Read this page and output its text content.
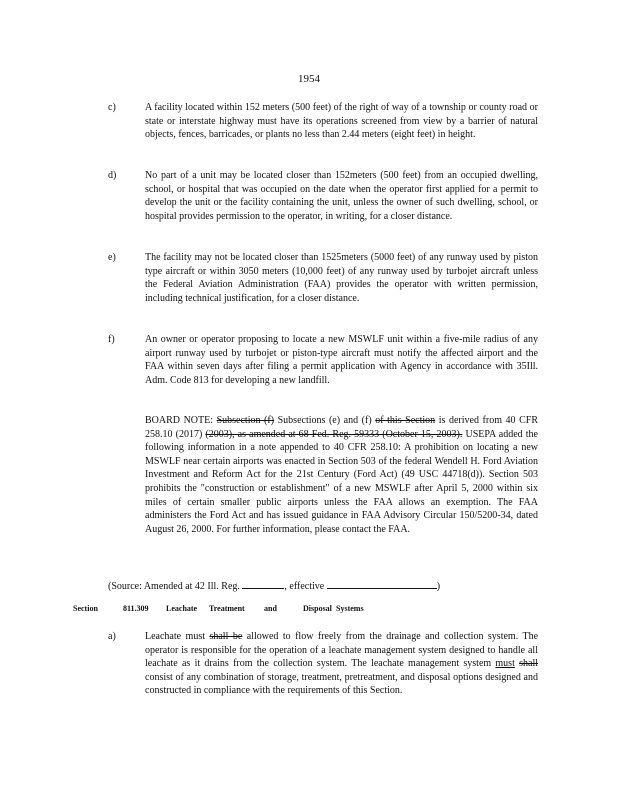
1954
c)	A facility located within 152 meters (500 feet) of the right of way of a township or county road or state or interstate highway must have its operations screened from view by a barrier of natural objects, fences, barricades, or plants no less than 2.44 meters (eight feet) in height.
d)	No part of a unit may be located closer than 152meters (500 feet) from an occupied dwelling, school, or hospital that was occupied on the date when the operator first applied for a permit to develop the unit or the facility containing the unit, unless the owner of such dwelling, school, or hospital provides permission to the operator, in writing, for a closer distance.
e)	The facility may not be located closer than 1525meters (5000 feet) of any runway used by piston type aircraft or within 3050 meters (10,000 feet) of any runway used by turbojet aircraft unless the Federal Aviation Administration (FAA) provides the operator with written permission, including technical justification, for a closer distance.
f)	An owner or operator proposing to locate a new MSWLF unit within a five-mile radius of any airport runway used by turbojet or piston-type aircraft must notify the affected airport and the FAA within seven days after filing a permit application with Agency in accordance with 35Ill. Adm. Code 813 for developing a new landfill.
BOARD NOTE: Subsection (f) Subsections (e) and (f) of this Section is derived from 40 CFR 258.10 (2017) (2003), as amended at 68 Fed. Reg. 59333 (October 15, 2003). USEPA added the following information in a note appended to 40 CFR 258.10: A prohibition on locating a new MSWLF near certain airports was enacted in Section 503 of the federal Wendell H. Ford Aviation Investment and Reform Act for the 21st Century (Ford Act) (49 USC 44718(d)). Section 503 prohibits the "construction or establishment" of a new MSWLF after April 5, 2000 within six miles of certain smaller public airports unless the FAA allows an exemption. The FAA administers the Ford Act and has issued guidance in FAA Advisory Circular 150/5200-34, dated August 26, 2000. For further information, please contact the FAA.
(Source: Amended at 42 Ill. Reg.	, effective	)
Section	811.309 Leachate Treatment and	Disposal Systems
a)	Leachate must shall be allowed to flow freely from the drainage and collection system. The operator is responsible for the operation of a leachate management system designed to handle all leachate as it drains from the collection system. The leachate management system must shall consist of any combination of storage, treatment, pretreatment, and disposal options designed and constructed in compliance with the requirements of this Section.
